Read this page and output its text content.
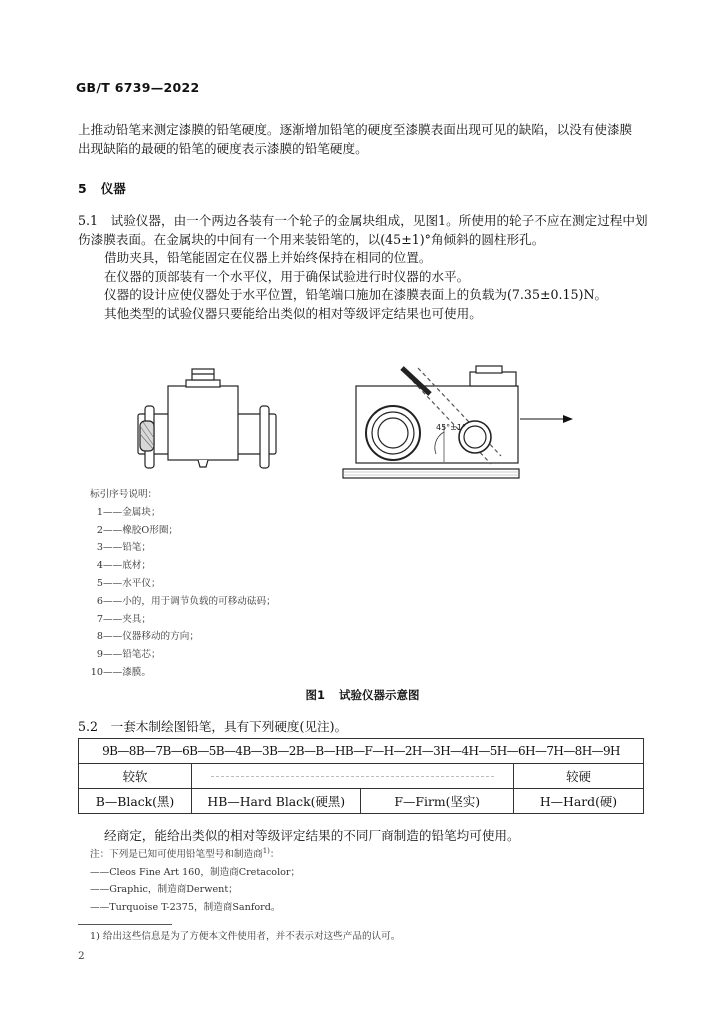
GB/T 6739—2022
上推动铅笔来测定漆膜的铅笔硬度。逐渐增加铅笔的硬度至漆膜表面出现可见的缺陷，以没有使漆膜
出现缺陷的最硬的铅笔的硬度表示漆膜的铅笔硬度。
5 仪器
5.1　试验仪器，由一个两边各装有一个轮子的金属块组成，见图1。所使用的轮子不应在测定过程中划
伤漆膜表面。在金属块的中间有一个用来装铅笔的，以(45±1)°角倾斜的圆柱形孔。
借助夹具，铅笔能固定在仪器上并始终保持在相同的位置。
在仪器的顶部装有一个水平仪，用于确保试验进行时仪器的水平。
仪器的设计应使仪器处于水平位置，铅笔端口施加在漆膜表面上的负载为(7.35±0.15)N。
其他类型的试验仪器只要能给出类似的相对等级评定结果也可使用。
45°±1°
标引序号说明：
1——金属块；
2——橡胶O形圈；
3——铅笔；
4——底材；
5——水平仪；
6——小的，用于调节负载的可移动砝码；
7——夹具；
8——仪器移动的方向；
9——铅笔芯；
10——漆膜。
图1 试验仪器示意图
5.2　一套木制绘图铅笔，具有下列硬度(见注)。
9B—8B—7B—6B—5B—4B—3B—2B—B—HB—F—H—2H—3H—4H—5H—6H—7H—8H—9H			
较软			较硬
B—Black(黑)	HB—Hard Black(硬黑)	F—Firm(坚实)	H—Hard(硬)
经商定，能给出类似的相对等级评定结果的不同厂商制造的铅笔均可使用。
注：下列是已知可使用铅笔型号和制造商$^{1)}$：
——Cleos Fine Art 160，制造商Cretacolor；
——Graphic，制造商Derwent；
——Turquoise T-2375，制造商Sanford。
1) 给出这些信息是为了方便本文件使用者，并不表示对这些产品的认可。
2
